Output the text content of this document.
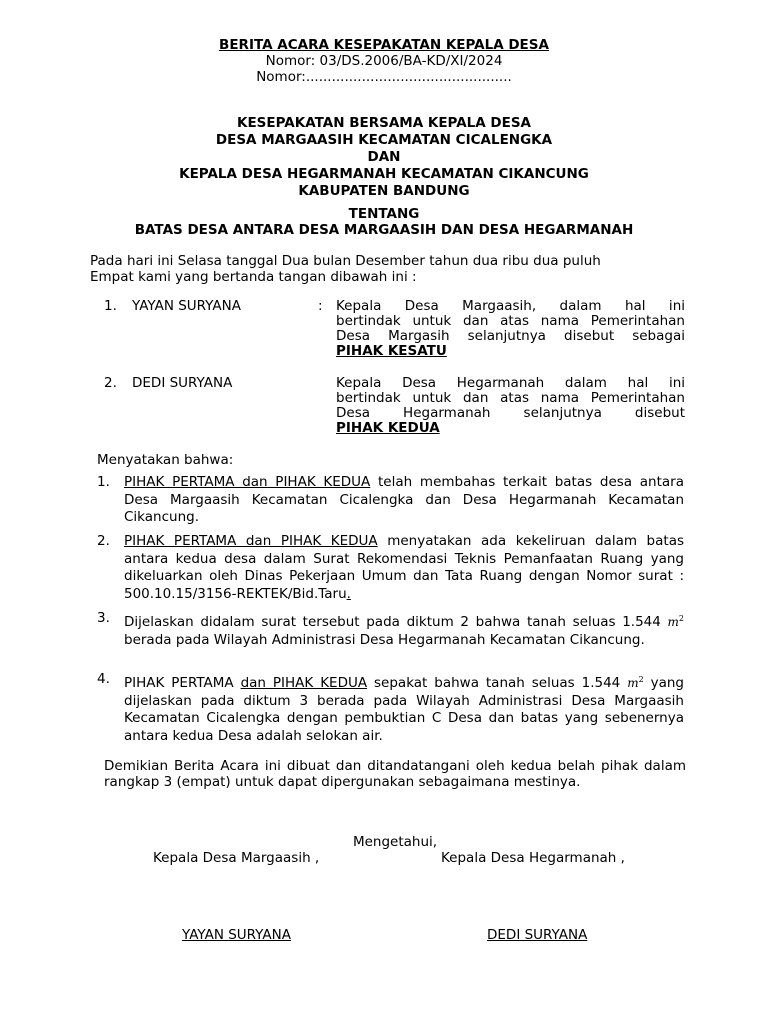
BERITA ACARA KESEPAKATAN KEPALA DESA
Nomor: 03/DS.2006/BA-KD/XI/2024
Nomor:................................................
KESEPAKATAN BERSAMA KEPALA DESA
DESA MARGAASIH KECAMATAN CICALENGKA
DAN
KEPALA DESA HEGARMANAH KECAMATAN CIKANCUNG
KABUPATEN BANDUNG
TENTANG
BATAS DESA ANTARA DESA MARGAASIH DAN DESA HEGARMANAH
Pada hari ini Selasa tanggal Dua bulan Desember tahun dua ribu dua puluh
Empat kami yang bertanda tangan dibawah ini :
1. YAYAN SURYANA	: Kepala Desa Margaasih, dalam hal ini
bertindak untuk dan atas nama Pemerintahan
Desa Margasih selanjutnya disebut sebagai
PIHAK KESATU
2. DEDI SURYANA	Kepala Desa Hegarmanah dalam hal ini
bertindak untuk dan atas nama Pemerintahan
Desa Hegarmanah selanjutnya disebut
PIHAK KEDUA
Menyatakan bahwa:
1. PIHAK PERTAMA dan PIHAK KEDUA telah membahas terkait batas desa antara Desa Margaasih Kecamatan Cicalengka dan Desa Hegarmanah Kecamatan Cikancung.
2. PIHAK PERTAMA dan PIHAK KEDUA menyatakan ada kekeliruan dalam batas antara kedua desa dalam Surat Rekomendasi Teknis Pemanfaatan Ruang yang dikeluarkan oleh Dinas Pekerjaan Umum dan Tata Ruang dengan Nomor surat : 500.10.15/3156-REKTEK/Bid.Taru.
3. Dijelaskan didalam surat tersebut pada diktum 2 bahwa tanah seluas 1.544 $m^2$ berada pada Wilayah Administrasi Desa Hegarmanah Kecamatan Cikancung.
4. PIHAK PERTAMA dan PIHAK KEDUA sepakat bahwa tanah seluas 1.544 $m^2$ yang dijelaskan pada diktum 3 berada pada Wilayah Administrasi Desa Margaasih Kecamatan Cicalengka dengan pembuktian C Desa dan batas yang sebenernya antara kedua Desa adalah selokan air.
Demikian Berita Acara ini dibuat dan ditandatangani oleh kedua belah pihak dalam rangkap 3 (empat) untuk dapat dipergunakan sebagaimana mestinya.
Mengetahui,
Kepala Desa Margaasih ,	Kepala Desa Hegarmanah ,
YAYAN SURYANA	DEDI SURYANA
